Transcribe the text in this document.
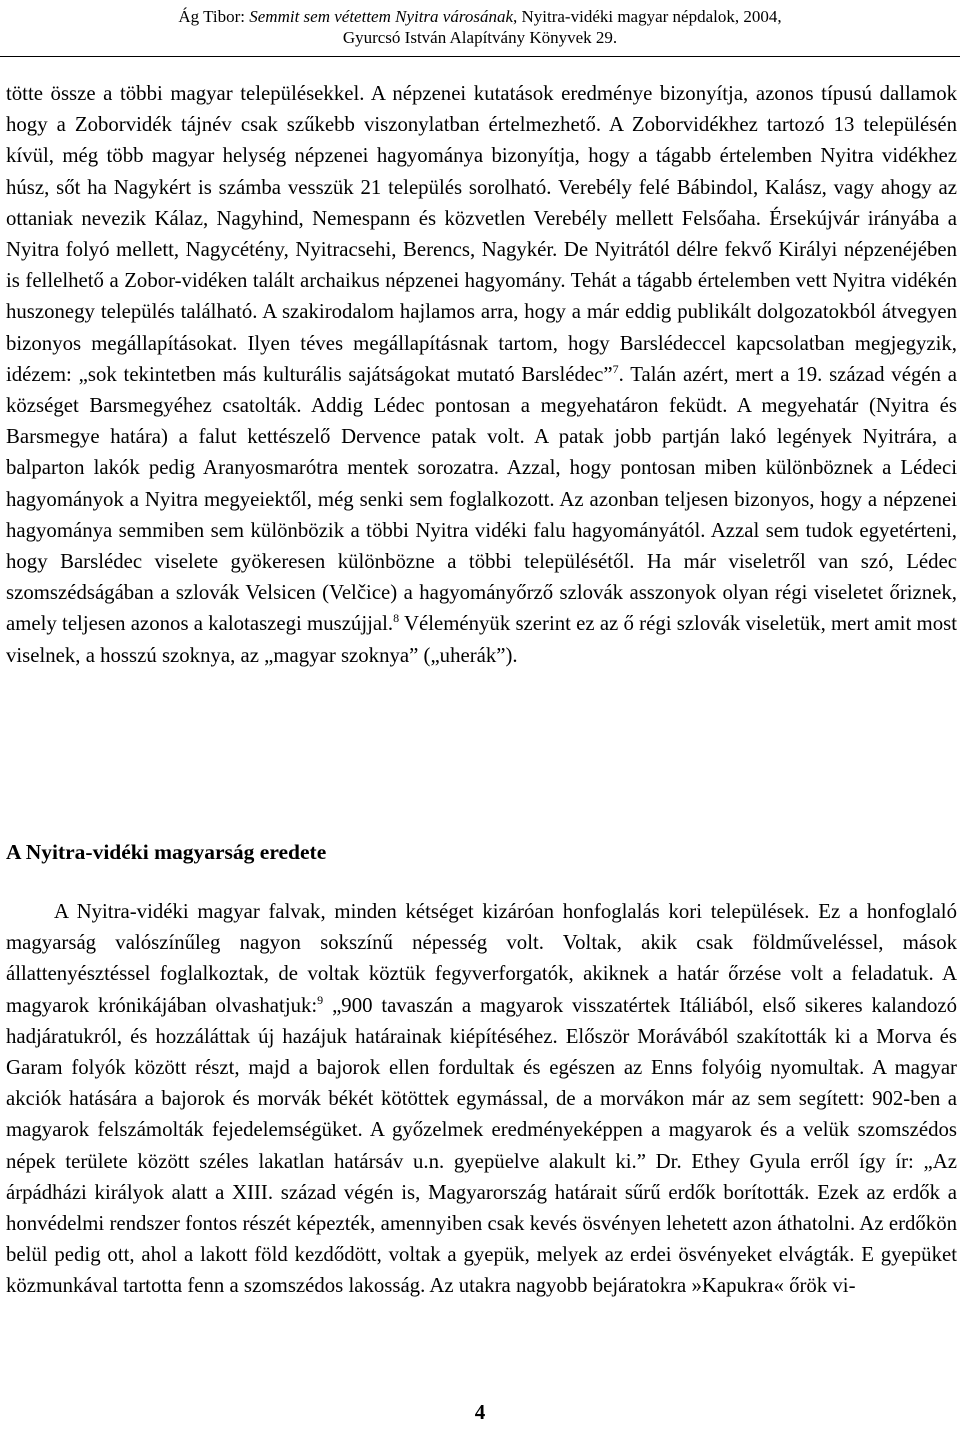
Ág Tibor: Semmit sem vétettem Nyitra városának, Nyitra-vidéki magyar népdalok, 2004,
Gyurcsó István Alapítvány Könyvek 29.

tötte össze a többi magyar településekkel. A népzenei kutatások eredménye bizonyítja, azonos típusú dallamok hogy a Zoborvidék tájnév csak szűkebb viszonylatban értelmezhető. A Zoborvidékhez tartozó 13 településén kívül, még több magyar helység népzenei hagyománya bizonyítja, hogy a tágabb értelemben Nyitra vidékhez húsz, sőt ha Nagykért is számba vesszük 21 település sorolható. Verebély felé Bábindol, Kalász, vagy ahogy az ottaniak nevezik Kálaz, Nagyhind, Nemespann és közvetlen Verebély mellett Felsőaha. Érsekújvár irányába a Nyitra folyó mellett, Nagycétény, Nyitracsehi, Berencs, Nagykér. De Nyitrától délre fekvő Királyi népzenéjében is fellelhető a Zobor-vidéken talált archaikus népzenei hagyomány. Tehát a tágabb értelemben vett Nyitra vidékén huszonegy település található. A szakirodalom hajlamos arra, hogy a már eddig publikált dolgozatokból átvegyen bizonyos megállapításokat. Ilyen téves megállapításnak tartom, hogy Barslédeccel kapcsolatban megjegyzik, idézem: „sok tekintetben más kulturális sajátságokat mutató Barslédec”$^7$. Talán azért, mert a 19. század végén a községet Barsmegyéhez csatolták. Addig Lédec pontosan a megyehatáron feküdt. A megyehatár (Nyitra és Barsmegye határa) a falut kettészelő Dervence patak volt. A patak jobb partján lakó legények Nyitrára, a balparton lakók pedig Aranyosmarótra mentek sorozatra. Azzal, hogy pontosan miben különböznek a Lédeci hagyományok a Nyitra megyeiektől, még senki sem foglalkozott. Az azonban teljesen bizonyos, hogy a népzenei hagyománya semmiben sem különbözik a többi Nyitra vidéki falu hagyományától. Azzal sem tudok egyetérteni, hogy Barslédec viselete gyökeresen különbözne a többi településétől. Ha már viseletről van szó, Lédec szomszédságában a szlovák Velsicen (Velčice) a hagyományőrző szlovák asszonyok olyan régi viseletet őriznek, amely teljesen azonos a kalotaszegi muszújjal.$^8$ Véleményük szerint ez az ő régi szlovák viseletük, mert amit most viselnek, a hosszú szoknya, az „magyar szoknya” („uherák”).

A Nyitra-vidéki magyarság eredete

A Nyitra-vidéki magyar falvak, minden kétséget kizáróan honfoglalás kori települések. Ez a honfoglaló magyarság valószínűleg nagyon sokszínű népesség volt. Voltak, akik csak földműveléssel, mások állattenyésztéssel foglalkoztak, de voltak köztük fegyverforgatók, akiknek a határ őrzése volt a feladatuk. A magyarok krónikájában olvashatjuk:$^9$ „900 tavaszán a magyarok visszatértek Itáliából, első sikeres kalandozó hadjáratukról, és hozzáláttak új hazájuk határainak kiépítéséhez. Először Morávából szakították ki a Morva és Garam folyók között részt, majd a bajorok ellen fordultak és egészen az Enns folyóig nyomultak. A magyar akciók hatására a bajorok és morvák békét kötöttek egymással, de a morvákon már az sem segített: 902-ben a magyarok felszámolták fejedelemségüket. A győzelmek eredményeképpen a magyarok és a velük szomszédos népek területe között széles lakatlan határsáv u.n. gyepüelve alakult ki.” Dr. Ethey Gyula erről így ír: „Az árpádházi királyok alatt a XIII. század végén is, Magyarország határait sűrű erdők borították. Ezek az erdők a honvédelmi rendszer fontos részét képezték, amennyiben csak kevés ösvényen lehetett azon áthatolni. Az erdőkön belül pedig ott, ahol a lakott föld kezdődött, voltak a gyepük, melyek az erdei ösvényeket elvágták. E gyepüket közmunkával tartotta fenn a szomszédos lakosság. Az utakra nagyobb bejáratokra »Kapukra« őrök vi-

4
